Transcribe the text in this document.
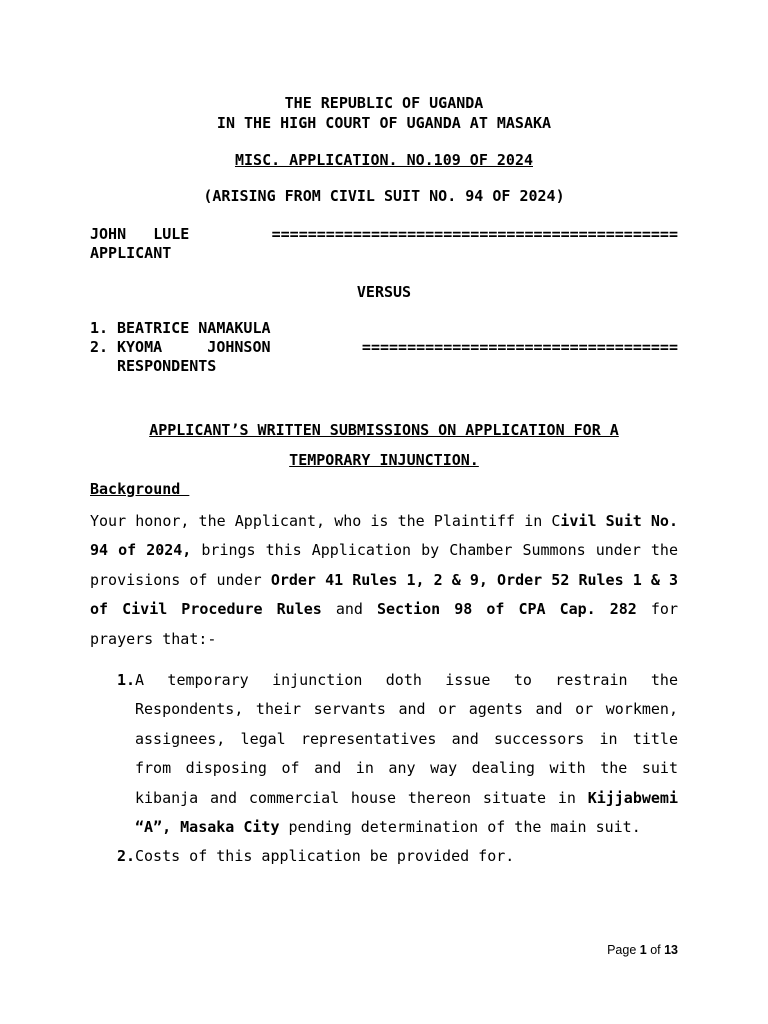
THE REPUBLIC OF UGANDA
IN THE HIGH COURT OF UGANDA AT MASAKA
MISC. APPLICATION. NO.109 OF 2024
(ARISING FROM CIVIL SUIT NO. 94 OF 2024)
JOHN   LULE	=============================================
APPLICANT
VERSUS
1. BEATRICE NAMAKULA
2. KYOMA     JOHNSON	===================================
RESPONDENTS
APPLICANT’S WRITTEN SUBMISSIONS ON APPLICATION FOR A
TEMPORARY INJUNCTION.
Background
Your honor, the Applicant, who is the Plaintiff in Civil Suit No. 94 of 2024, brings this Application by Chamber Summons under the provisions of under Order 41 Rules 1, 2 & 9, Order 52 Rules 1 & 3 of Civil Procedure Rules and Section 98 of CPA Cap. 282 for prayers that:-
1. A temporary injunction doth issue to restrain the Respondents, their servants and or agents and or workmen, assignees, legal representatives and successors in title from disposing of and in any way dealing with the suit kibanja and commercial house thereon situate in Kijjabwemi “A”, Masaka City pending determination of the main suit.
2. Costs of this application be provided for.
Page 1 of 13
